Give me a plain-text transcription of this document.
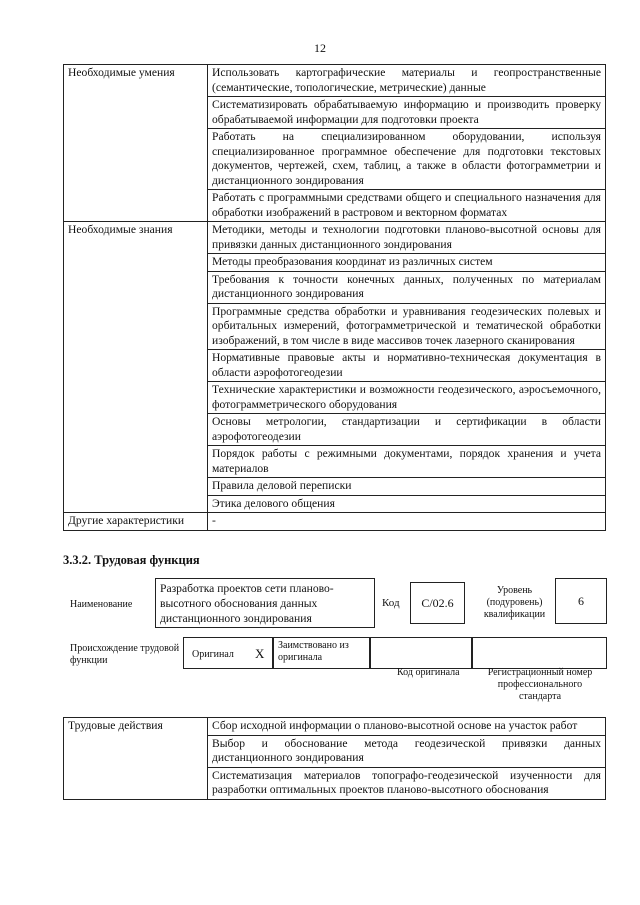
12
Необходимые умения	Использовать картографические материалы и геопространственные (семантические, топологические, метрические) данные
	Систематизировать обрабатываемую информацию и производить проверку обрабатываемой информации для подготовки проекта
	Работать на специализированном оборудовании, используя специализированное программное обеспечение для подготовки текстовых документов, чертежей, схем, таблиц, а также в области фотограмметрии и дистанционного зондирования
	Работать с программными средствами общего и специального назначения для обработки изображений в растровом и векторном форматах
Необходимые знания	Методики, методы и технологии подготовки планово-высотной основы для привязки данных дистанционного зондирования
	Методы преобразования координат из различных систем
	Требования к точности конечных данных, полученных по материалам дистанционного зондирования
	Программные средства обработки и уравнивания геодезических полевых и орбитальных измерений, фотограмметрической и тематической обработки изображений, в том числе в виде массивов точек лазерного сканирования
	Нормативные правовые акты и нормативно-техническая документация в области аэрофотогеодезии
	Технические характеристики и возможности геодезического, аэросъемочного, фотограмметрического оборудования
	Основы метрологии, стандартизации и сертификации в области аэрофотогеодезии
	Порядок работы с режимными документами, порядок хранения и учета материалов
	Правила деловой переписки
	Этика делового общения
Другие характеристики	-
3.3.2. Трудовая функция
Наименование
Разработка проектов сети планово-высотного обоснования данных дистанционного зондирования
Код С/02.6
Уровень (подуровень) квалификации
6
Происхождение трудовой функции
Оригинал X
Заимствовано из оригинала
Код оригинала	Регистрационный номер профессионального стандарта
Трудовые действия	Сбор исходной информации о планово-высотной основе на участок работ
Выбор и обоснование метода геодезической привязки данных дистанционного зондирования
Систематизация материалов топографо-геодезической изученности для разработки оптимальных проектов планово-высотного обоснования
